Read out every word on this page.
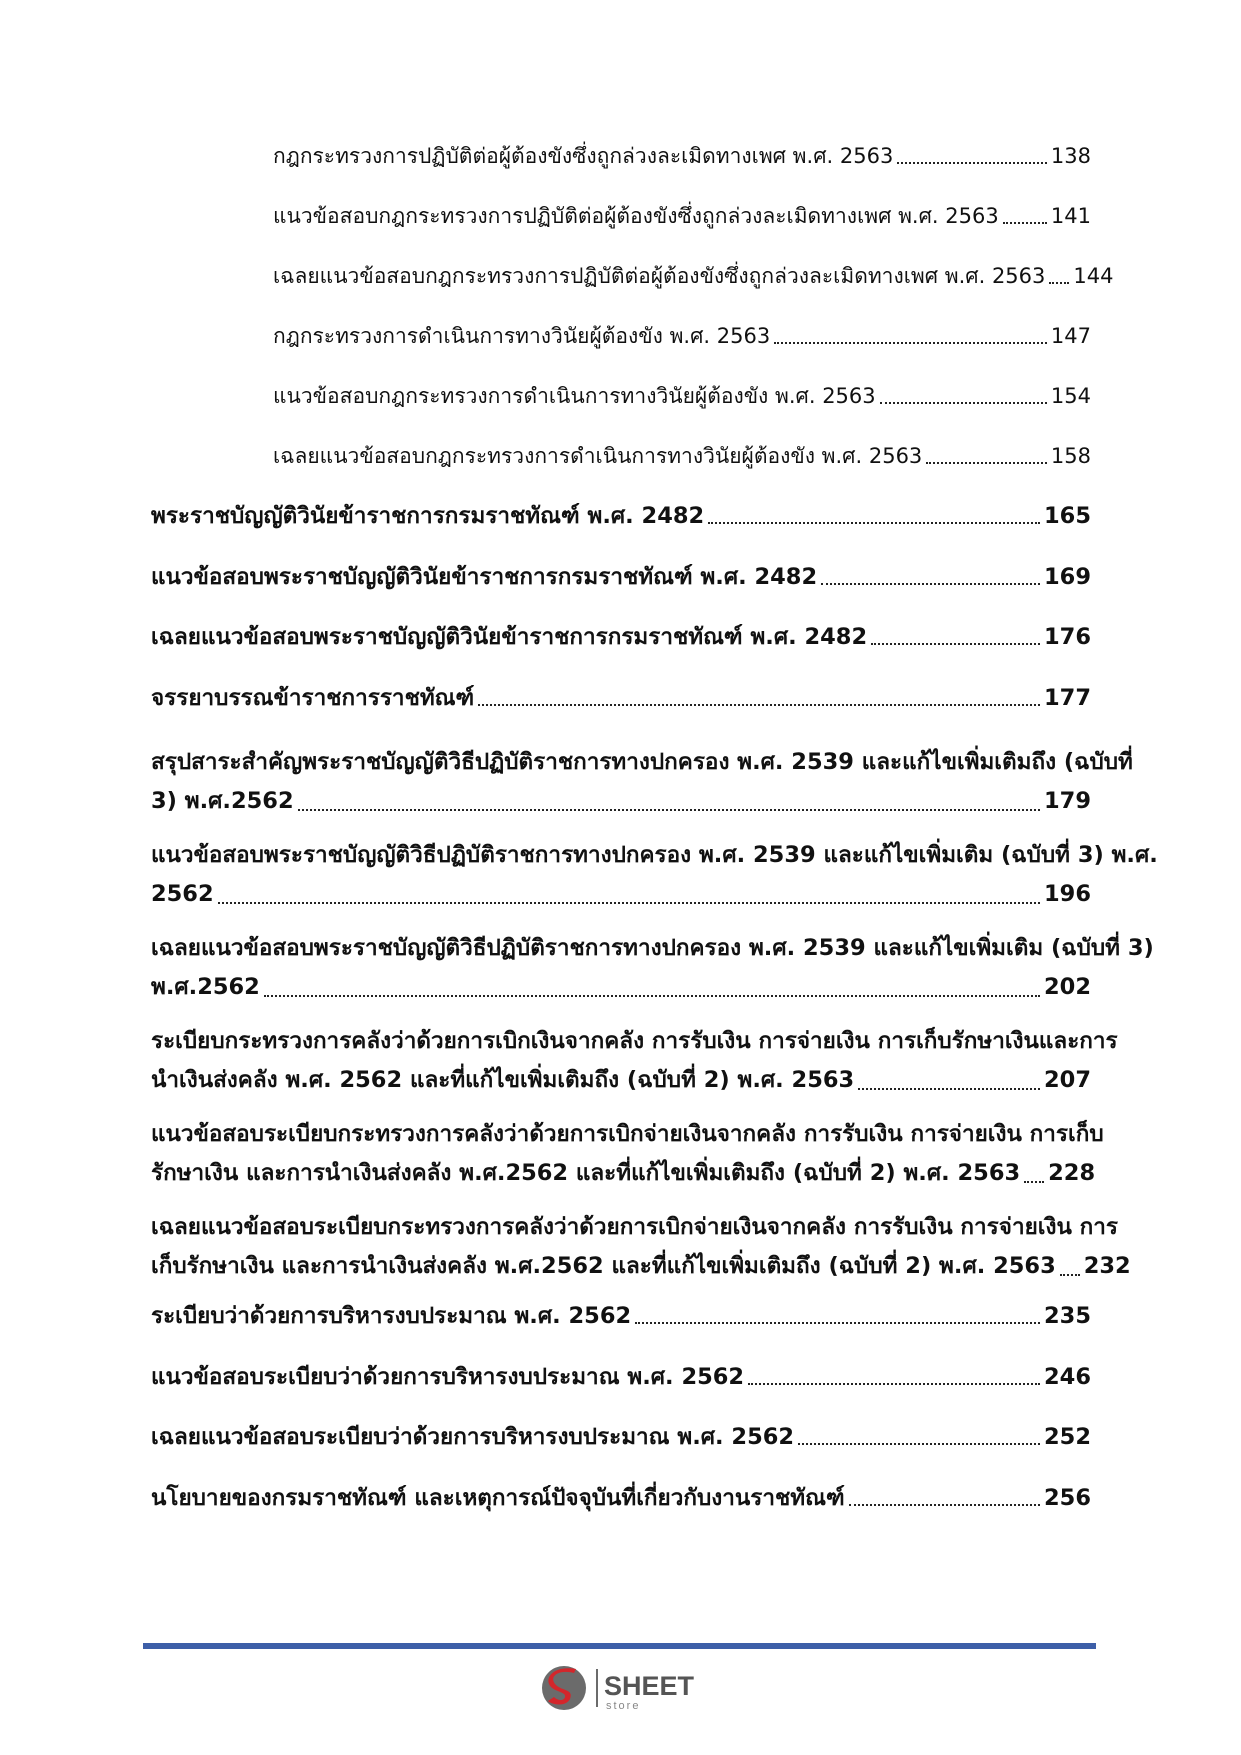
กฎกระทรวงการปฏิบัติต่อผู้ต้องขังซึ่งถูกล่วงละเมิดทางเพศ พ.ศ. 2563	138
แนวข้อสอบกฎกระทรวงการปฏิบัติต่อผู้ต้องขังซึ่งถูกล่วงละเมิดทางเพศ พ.ศ. 2563 141
เฉลยแนวข้อสอบกฎกระทรวงการปฏิบัติต่อผู้ต้องขังซึ่งถูกล่วงละเมิดทางเพศ พ.ศ. 2563 144
กฎกระทรวงการดำเนินการทางวินัยผู้ต้องขัง พ.ศ. 2563	147
แนวข้อสอบกฎกระทรวงการดำเนินการทางวินัยผู้ต้องขัง พ.ศ. 2563	154
เฉลยแนวข้อสอบกฎกระทรวงการดำเนินการทางวินัยผู้ต้องขัง พ.ศ. 2563	158
พระราชบัญญัติวินัยข้าราชการกรมราชทัณฑ์ พ.ศ. 2482	165
แนวข้อสอบพระราชบัญญัติวินัยข้าราชการกรมราชทัณฑ์ พ.ศ. 2482	169
เฉลยแนวข้อสอบพระราชบัญญัติวินัยข้าราชการกรมราชทัณฑ์ พ.ศ. 2482	176
จรรยาบรรณข้าราชการราชทัณฑ์	177
สรุปสาระสำคัญพระราชบัญญัติวิธีปฏิบัติราชการทางปกครอง พ.ศ. 2539 และแก้ไขเพิ่มเติมถึง (ฉบับที่
3) พ.ศ.2562	179
แนวข้อสอบพระราชบัญญัติวิธีปฏิบัติราชการทางปกครอง พ.ศ. 2539 และแก้ไขเพิ่มเติม (ฉบับที่ 3) พ.ศ.
2562	196
เฉลยแนวข้อสอบพระราชบัญญัติวิธีปฏิบัติราชการทางปกครอง พ.ศ. 2539 และแก้ไขเพิ่มเติม (ฉบับที่ 3)
พ.ศ.2562	202
ระเบียบกระทรวงการคลังว่าด้วยการเบิกเงินจากคลัง การรับเงิน การจ่ายเงิน การเก็บรักษาเงินและการ
นำเงินส่งคลัง พ.ศ. 2562 และที่แก้ไขเพิ่มเติมถึง (ฉบับที่ 2) พ.ศ. 2563	207
แนวข้อสอบระเบียบกระทรวงการคลังว่าด้วยการเบิกจ่ายเงินจากคลัง การรับเงิน การจ่ายเงิน การเก็บ
รักษาเงิน และการนำเงินส่งคลัง พ.ศ.2562 และที่แก้ไขเพิ่มเติมถึง (ฉบับที่ 2) พ.ศ. 2563 228
เฉลยแนวข้อสอบระเบียบกระทรวงการคลังว่าด้วยการเบิกจ่ายเงินจากคลัง การรับเงิน การจ่ายเงิน การ
เก็บรักษาเงิน และการนำเงินส่งคลัง พ.ศ.2562 และที่แก้ไขเพิ่มเติมถึง (ฉบับที่ 2) พ.ศ. 2563 232
ระเบียบว่าด้วยการบริหารงบประมาณ พ.ศ. 2562	235
แนวข้อสอบระเบียบว่าด้วยการบริหารงบประมาณ พ.ศ. 2562	246
เฉลยแนวข้อสอบระเบียบว่าด้วยการบริหารงบประมาณ พ.ศ. 2562	252
นโยบายของกรมราชทัณฑ์ และเหตุการณ์ปัจจุบันที่เกี่ยวกับงานราชทัณฑ์	256
SHEET
store
